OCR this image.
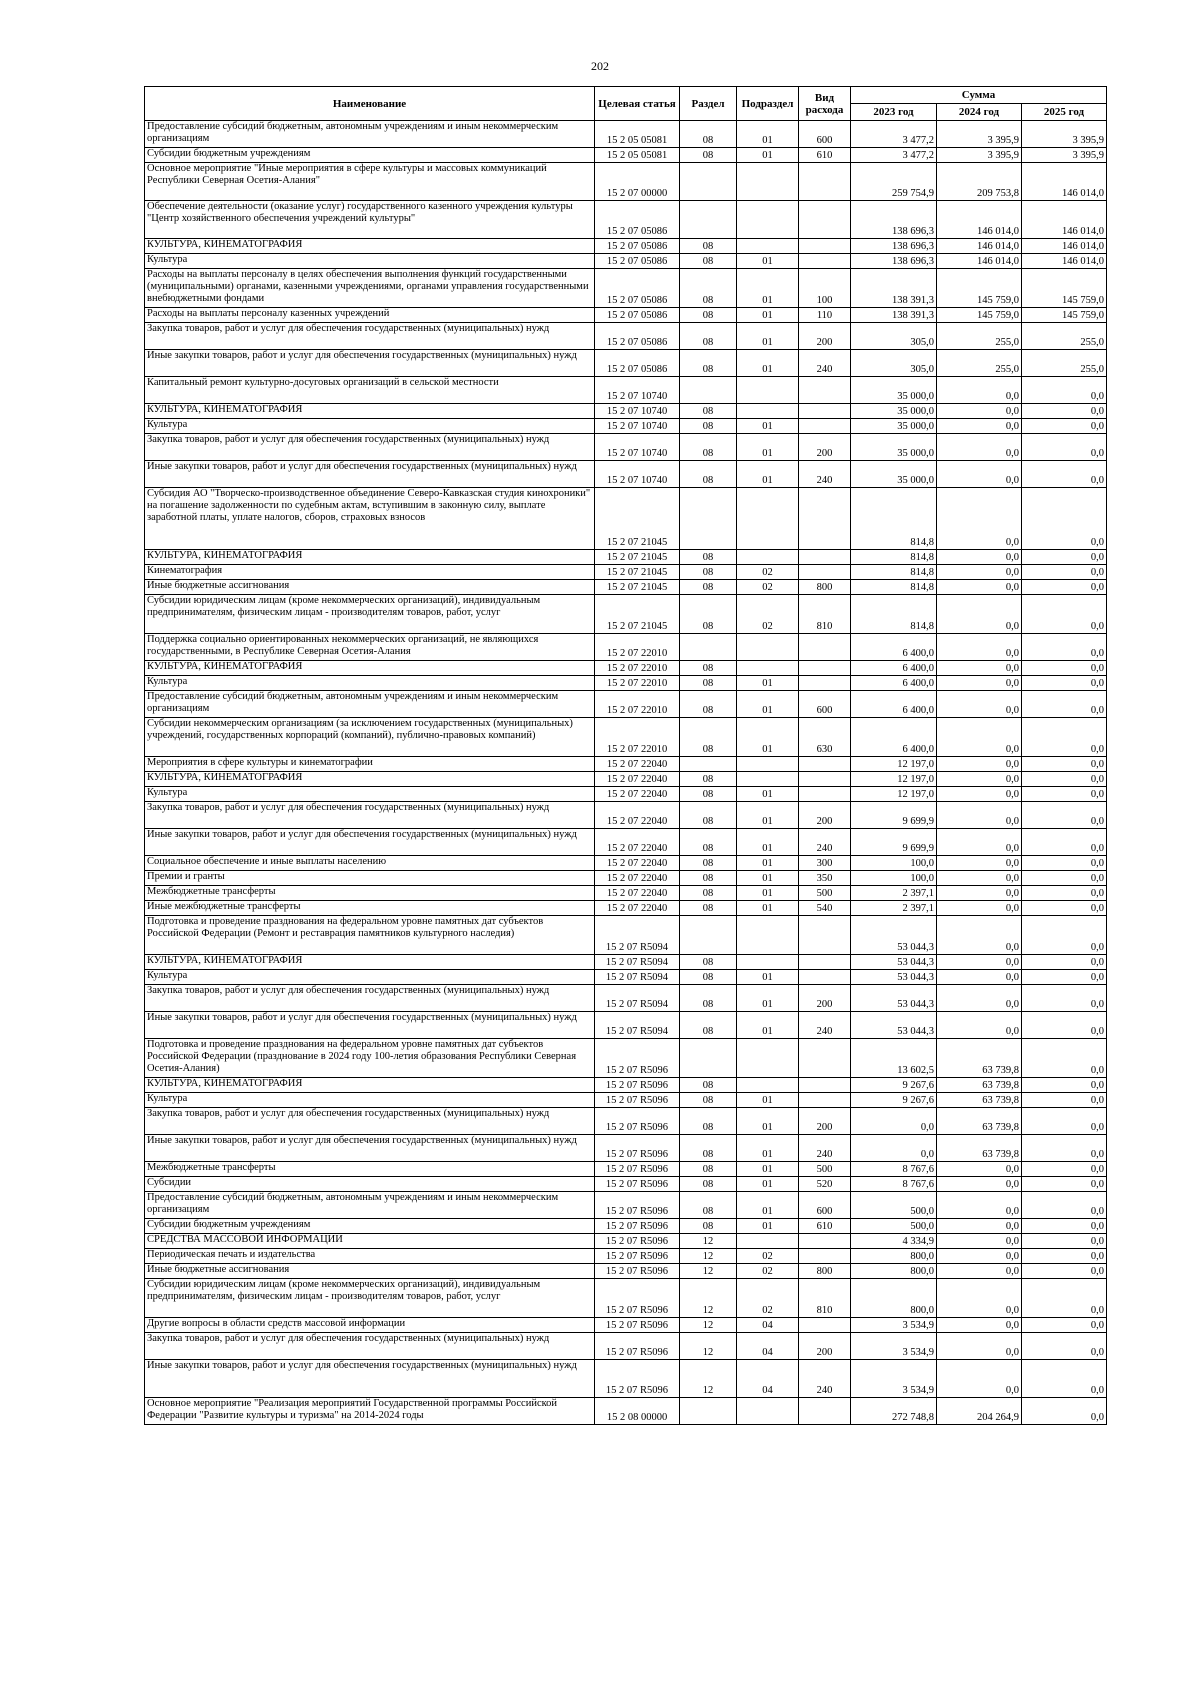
202
Наименование	Целевая статья	Раздел	Подраздел	Вид расхода	Сумма		
					2023 год	2024 год	2025 год
Предоставление субсидий бюджетным, автономным учреждениям и иным некоммерческим организациям	15 2 05 05081	08	01	600	3 477,2	3 395,9	3 395,9
Субсидии бюджетным учреждениям	15 2 05 05081	08	01	610	3 477,2	3 395,9	3 395,9
Основное мероприятие "Иные мероприятия в сфере культуры и массовых коммуникаций Республики Северная Осетия-Алания"	15 2 07 00000				259 754,9	209 753,8	146 014,0
Обеспечение деятельности (оказание услуг) государственного казенного учреждения культуры "Центр хозяйственного обеспечения учреждений культуры"	15 2 07 05086				138 696,3	146 014,0	146 014,0
КУЛЬТУРА, КИНЕМАТОГРАФИЯ	15 2 07 05086	08			138 696,3	146 014,0	146 014,0
Культура	15 2 07 05086	08	01		138 696,3	146 014,0	146 014,0
Расходы на выплаты персоналу в целях обеспечения выполнения функций государственными (муниципальными) органами, казенными учреждениями, органами управления государственными внебюджетными фондами	15 2 07 05086	08	01	100	138 391,3	145 759,0	145 759,0
Расходы на выплаты персоналу казенных учреждений	15 2 07 05086	08	01	110	138 391,3	145 759,0	145 759,0
Закупка товаров, работ и услуг для обеспечения государственных (муниципальных) нужд	15 2 07 05086	08	01	200	305,0	255,0	255,0
Иные закупки товаров, работ и услуг для обеспечения государственных (муниципальных) нужд	15 2 07 05086	08	01	240	305,0	255,0	255,0
Капитальный ремонт культурно-досуговых организаций в сельской местности	15 2 07 10740				35 000,0	0,0	0,0
КУЛЬТУРА, КИНЕМАТОГРАФИЯ	15 2 07 10740	08			35 000,0	0,0	0,0
Культура	15 2 07 10740	08	01		35 000,0	0,0	0,0
Закупка товаров, работ и услуг для обеспечения государственных (муниципальных) нужд	15 2 07 10740	08	01	200	35 000,0	0,0	0,0
Иные закупки товаров, работ и услуг для обеспечения государственных (муниципальных) нужд	15 2 07 10740	08	01	240	35 000,0	0,0	0,0
Субсидия АО "Творческо-производственное объединение Северо-Кавказская студия кинохроники" на погашение задолженности по судебным актам, вступившим в законную силу, выплате заработной платы, уплате налогов, сборов, страховых взносов	15 2 07 21045				814,8	0,0	0,0
КУЛЬТУРА, КИНЕМАТОГРАФИЯ	15 2 07 21045	08			814,8	0,0	0,0
Кинематография	15 2 07 21045	08	02		814,8	0,0	0,0
Иные бюджетные ассигнования	15 2 07 21045	08	02	800	814,8	0,0	0,0
Субсидии юридическим лицам (кроме некоммерческих организаций), индивидуальным предпринимателям, физическим лицам - производителям товаров, работ, услуг	15 2 07 21045	08	02	810	814,8	0,0	0,0
Поддержка социально ориентированных некоммерческих организаций, не являющихся государственными, в Республике Северная Осетия-Алания	15 2 07 22010				6 400,0	0,0	0,0
КУЛЬТУРА, КИНЕМАТОГРАФИЯ	15 2 07 22010	08			6 400,0	0,0	0,0
Культура	15 2 07 22010	08	01		6 400,0	0,0	0,0
Предоставление субсидий бюджетным, автономным учреждениям и иным некоммерческим организациям	15 2 07 22010	08	01	600	6 400,0	0,0	0,0
Субсидии некоммерческим организациям (за исключением государственных (муниципальных) учреждений, государственных корпораций (компаний), публично-правовых компаний)	15 2 07 22010	08	01	630	6 400,0	0,0	0,0
Мероприятия в сфере культуры и кинематографии	15 2 07 22040				12 197,0	0,0	0,0
КУЛЬТУРА, КИНЕМАТОГРАФИЯ	15 2 07 22040	08			12 197,0	0,0	0,0
Культура	15 2 07 22040	08	01		12 197,0	0,0	0,0
Закупка товаров, работ и услуг для обеспечения государственных (муниципальных) нужд	15 2 07 22040	08	01	200	9 699,9	0,0	0,0
Иные закупки товаров, работ и услуг для обеспечения государственных (муниципальных) нужд	15 2 07 22040	08	01	240	9 699,9	0,0	0,0
Социальное обеспечение и иные выплаты населению	15 2 07 22040	08	01	300	100,0	0,0	0,0
Премии и гранты	15 2 07 22040	08	01	350	100,0	0,0	0,0
Межбюджетные трансферты	15 2 07 22040	08	01	500	2 397,1	0,0	0,0
Иные межбюджетные трансферты	15 2 07 22040	08	01	540	2 397,1	0,0	0,0
Подготовка и проведение празднования на федеральном уровне памятных дат субъектов Российской Федерации (Ремонт и реставрация памятников культурного наследия)	15 2 07 R5094				53 044,3	0,0	0,0
КУЛЬТУРА, КИНЕМАТОГРАФИЯ	15 2 07 R5094	08			53 044,3	0,0	0,0
Культура	15 2 07 R5094	08	01		53 044,3	0,0	0,0
Закупка товаров, работ и услуг для обеспечения государственных (муниципальных) нужд	15 2 07 R5094	08	01	200	53 044,3	0,0	0,0
Иные закупки товаров, работ и услуг для обеспечения государственных (муниципальных) нужд	15 2 07 R5094	08	01	240	53 044,3	0,0	0,0
Подготовка и проведение празднования на федеральном уровне памятных дат субъектов Российской Федерации (празднование в 2024 году 100-летия образования Республики Северная Осетия-Алания)	15 2 07 R5096				13 602,5	63 739,8	0,0
КУЛЬТУРА, КИНЕМАТОГРАФИЯ	15 2 07 R5096	08			9 267,6	63 739,8	0,0
Культура	15 2 07 R5096	08	01		9 267,6	63 739,8	0,0
Закупка товаров, работ и услуг для обеспечения государственных (муниципальных) нужд	15 2 07 R5096	08	01	200	0,0	63 739,8	0,0
Иные закупки товаров, работ и услуг для обеспечения государственных (муниципальных) нужд	15 2 07 R5096	08	01	240	0,0	63 739,8	0,0
Межбюджетные трансферты	15 2 07 R5096	08	01	500	8 767,6	0,0	0,0
Субсидии	15 2 07 R5096	08	01	520	8 767,6	0,0	0,0
Предоставление субсидий бюджетным, автономным учреждениям и иным некоммерческим организациям	15 2 07 R5096	08	01	600	500,0	0,0	0,0
Субсидии бюджетным учреждениям	15 2 07 R5096	08	01	610	500,0	0,0	0,0
СРЕДСТВА МАССОВОЙ ИНФОРМАЦИИ	15 2 07 R5096	12			4 334,9	0,0	0,0
Периодическая печать и издательства	15 2 07 R5096	12	02		800,0	0,0	0,0
Иные бюджетные ассигнования	15 2 07 R5096	12	02	800	800,0	0,0	0,0
Субсидии юридическим лицам (кроме некоммерческих организаций), индивидуальным предпринимателям, физическим лицам - производителям товаров, работ, услуг	15 2 07 R5096	12	02	810	800,0	0,0	0,0
Другие вопросы в области средств массовой информации	15 2 07 R5096	12	04		3 534,9	0,0	0,0
Закупка товаров, работ и услуг для обеспечения государственных (муниципальных) нужд	15 2 07 R5096	12	04	200	3 534,9	0,0	0,0
Иные закупки товаров, работ и услуг для обеспечения государственных (муниципальных) нужд	15 2 07 R5096	12	04	240	3 534,9	0,0	0,0
Основное мероприятие "Реализация мероприятий Государственной программы Российской Федерации "Развитие культуры и туризма" на 2014-2024 годы	15 2 08 00000				272 748,8	204 264,9	0,0
